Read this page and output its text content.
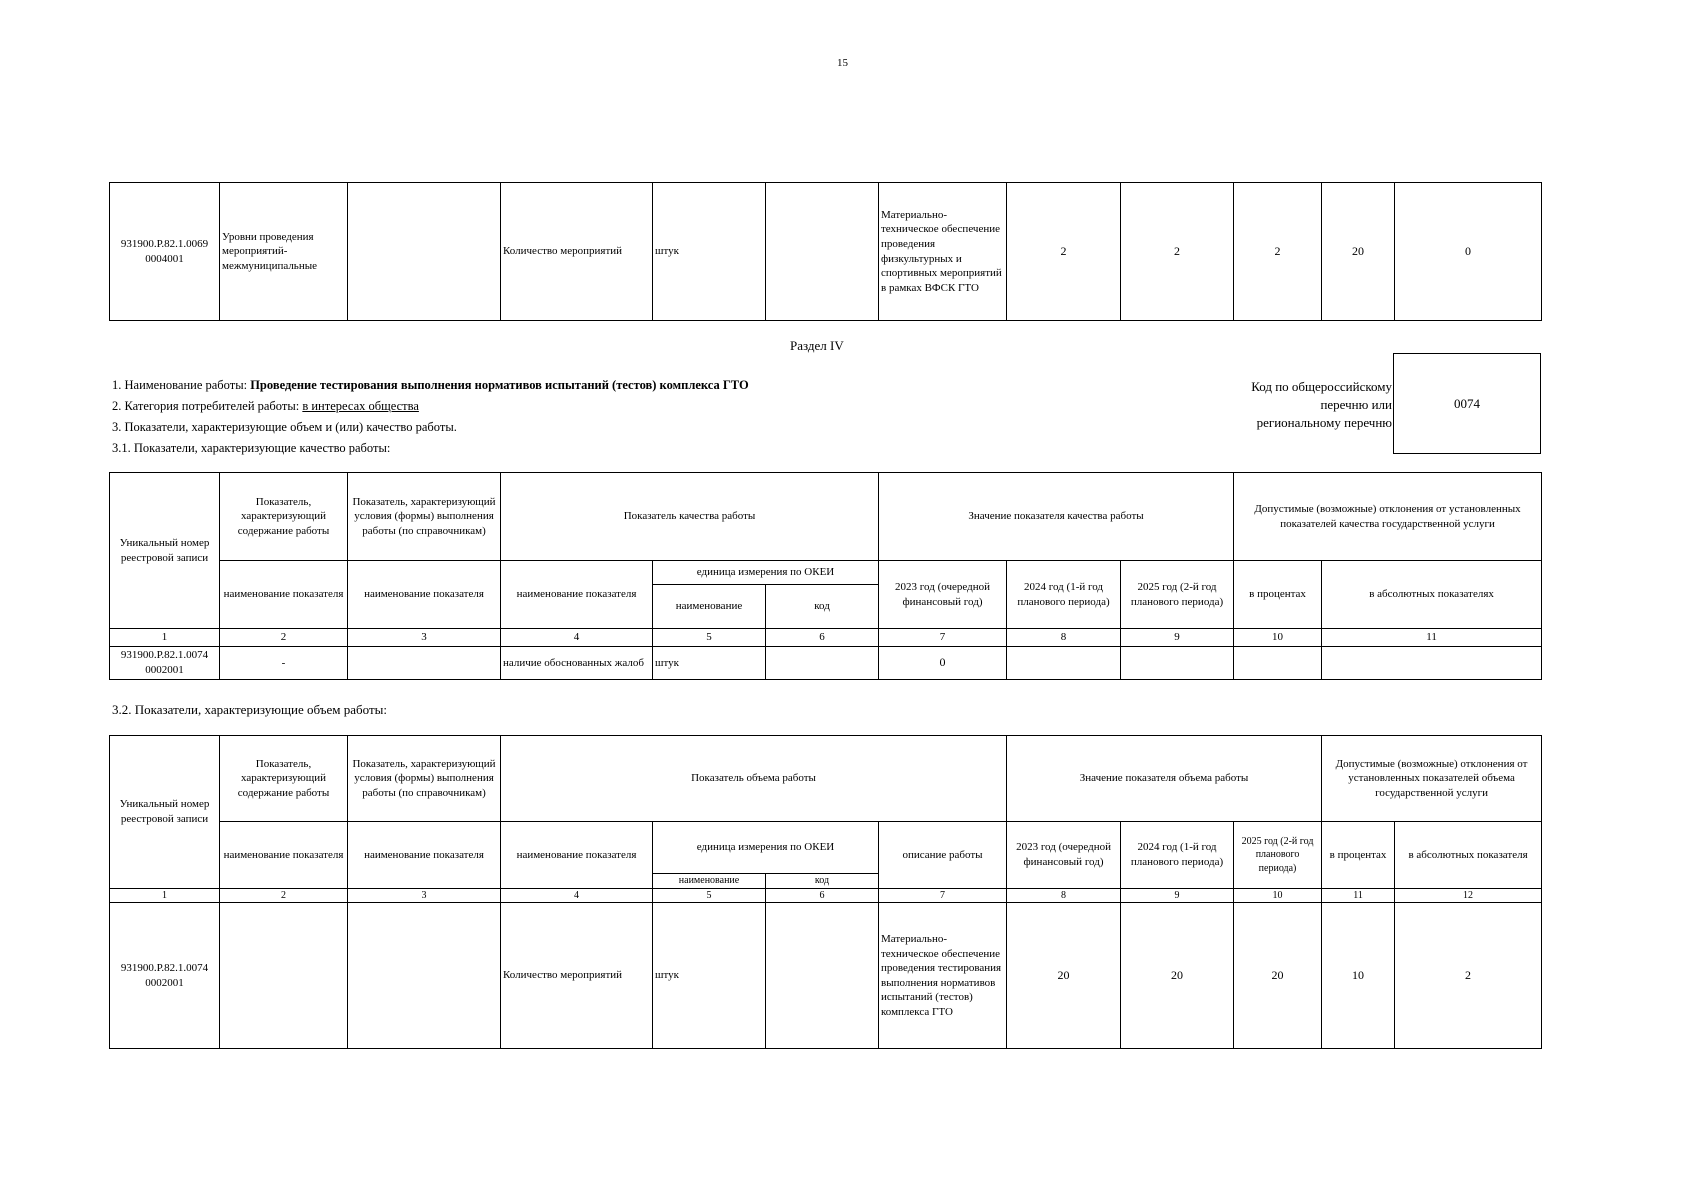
15
931900.Р.82.1.0069 0004001	Уровни проведения мероприятий- межмуниципальные		Количество мероприятий	штук		Материально-техническое обеспечение проведения физкультурных и спортивных мероприятий в рамках ВФСК ГТО	2	2	2	20	0
Раздел IV
1. Наименование работы: Проведение тестирования выполнения нормативов испытаний (тестов) комплекса ГТО
2. Категория потребителей работы: в интересах общества
3. Показатели, характеризующие объем и (или) качество работы.
3.1. Показатели, характеризующие качество работы:
Код по общероссийскому
перечню или
региональному перечню
0074
Уникальный номер реестровой записи	Показатель, характеризующий содержание работы	Показатель, характеризующий условия (формы) выполнения работы (по справочникам)	Показатель качества работы			Значение показателя качества работы			Допустимые (возможные) отклонения от установленных показателей качества государственной услуги	
	наименование показателя	наименование показателя	наименование показателя	единица измерения по ОКЕИ		2023 год (очередной финансовый год)	2024 год (1-й год планового периода)	2025 год (2-й год планового периода)	в процентах	в абсолютных показателях
				наименование	код					
1	2	3	4	5	6	7	8	9	10	11
931900.Р.82.1.0074 0002001	-		наличие обоснованных жалоб	штук		0				
3.2. Показатели, характеризующие объем работы:
Уникальный номер реестровой записи	Показатель, характеризующий содержание работы	Показатель, характеризующий условия (формы) выполнения работы (по справочникам)	Показатель объема работы				Значение показателя объема работы			Допустимые (возможные) отклонения от установленных показателей объема государственной услуги	
	наименование показателя	наименование показателя	наименование показателя	единица измерения по ОКЕИ		описание работы	2023 год (очередной финансовый год)	2024 год (1-й год планового периода)	2025 год (2-й год планового периода)	в процентах	в абсолютных показателя
				наименование	код						
1	2	3	4	5	6	7	8	9	10	11	12
931900.Р.82.1.0074 0002001			Количество мероприятий	штук		Материально-техническое обеспечение проведения тестирования выполнения нормативов испытаний (тестов) комплекса ГТО	20	20	20	10	2
